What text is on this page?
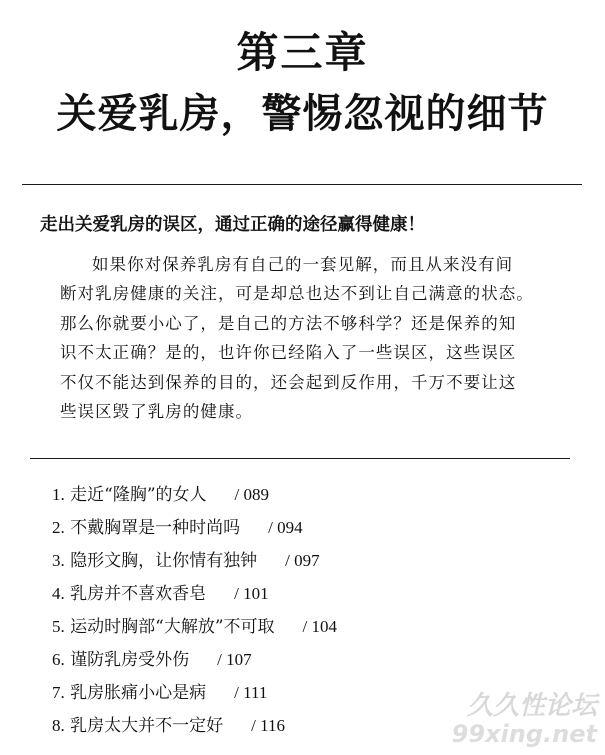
第三章
关爱乳房，警惕忽视的细节
走出关爱乳房的误区，通过正确的途径赢得健康！

如果你对保养乳房有自己的一套见解，而且从来没有间
断对乳房健康的关注，可是却总也达不到让自己满意的状态。
那么你就要小心了，是自己的方法不够科学？还是保养的知
识不太正确？是的，也许你已经陷入了一些误区，这些误区
不仅不能达到保养的目的，还会起到反作用，千万不要让这
些误区毁了乳房的健康。

1.
走近“隆胸”的女人 / 089
2.
不戴胸罩是一种时尚吗 / 094
3.
隐形文胸，让你情有独钟 / 097
4.
乳房并不喜欢香皂 / 101
5.
运动时胸部“大解放”不可取 / 104
6.
谨防乳房受外伤 / 107
7.
乳房胀痛小心是病 / 111
8.
乳房太大并不一定好 / 116
久久性论坛
99xing.net
